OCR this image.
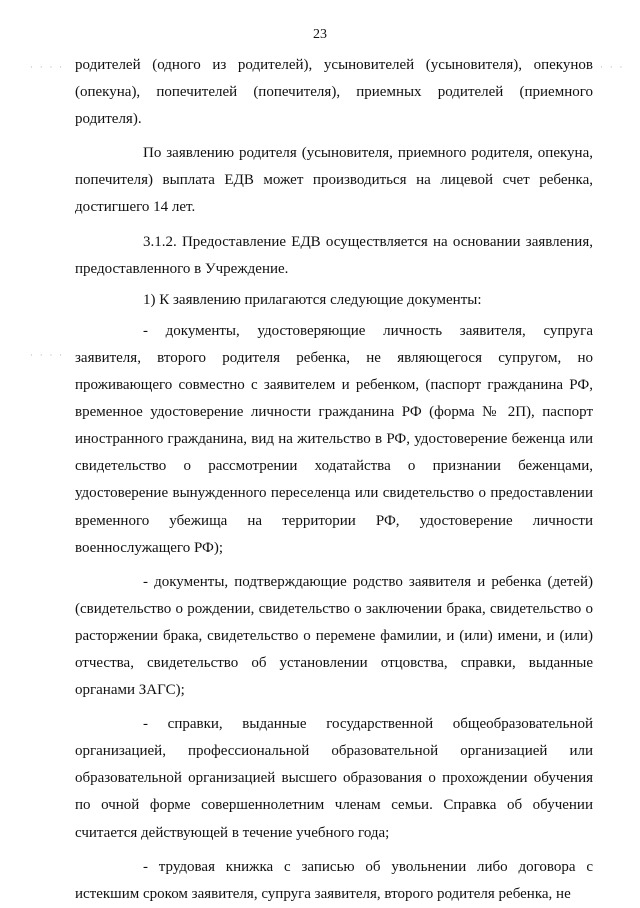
· · · ·	· · ·
· · · ·
23

родителей (одного из родителей), усыновителей (усыновителя), опекунов (опекуна), попечителей (попечителя), приемных родителей (приемного родителя).

По заявлению родителя (усыновителя, приемного родителя, опекуна, попечителя) выплата ЕДВ может производиться на лицевой счет ребенка, достигшего 14 лет.

3.1.2. Предоставление ЕДВ осуществляется на основании заявления, предоставленного в Учреждение.

1) К заявлению прилагаются следующие документы:

- документы, удостоверяющие личность заявителя, супруга заявителя, второго родителя ребенка, не являющегося супругом, но проживающего совместно с заявителем и ребенком, (паспорт гражданина РФ, временное удостоверение личности гражданина РФ (форма № 2П), паспорт иностранного гражданина, вид на жительство в РФ, удостоверение беженца или свидетельство о рассмотрении ходатайства о признании беженцами, удостоверение вынужденного переселенца или свидетельство о предоставлении временного убежища на территории РФ, удостоверение личности военнослужащего РФ);

- документы, подтверждающие родство заявителя и ребенка (детей) (свидетельство о рождении, свидетельство о заключении брака, свидетельство о расторжении брака, свидетельство о перемене фамилии, и (или) имени, и (или) отчества, свидетельство об установлении отцовства, справки, выданные органами ЗАГС);

- справки, выданные государственной общеобразовательной организацией, профессиональной образовательной организацией или образовательной организацией высшего образования о прохождении обучения по очной форме совершеннолетним членам семьи. Справка об обучении считается действующей в течение учебного года;

- трудовая книжка с записью об увольнении либо договора с истекшим сроком заявителя, супруга заявителя, второго родителя ребенка, не
